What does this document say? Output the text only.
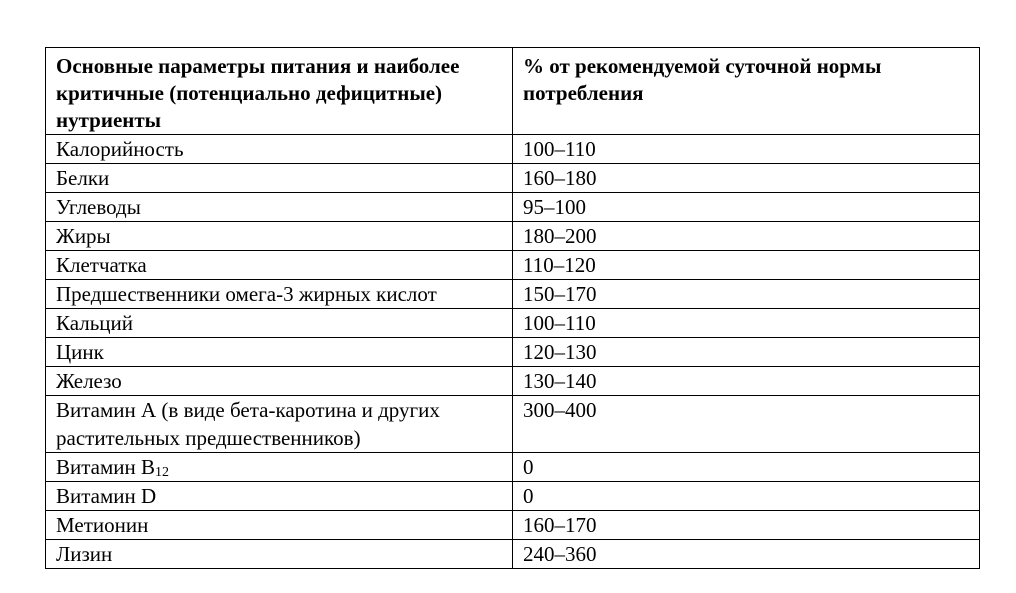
Основные параметры питания и наиболее критичные (потенциально дефицитные) нутриенты	% от рекомендуемой суточной нормы потребления
Калорийность	100–110
Белки	160–180
Углеводы	95–100
Жиры	180–200
Клетчатка	110–120
Предшественники омега-3 жирных кислот	150–170
Кальций	100–110
Цинк	120–130
Железо	130–140
Витамин А (в виде бета-каротина и других растительных предшественников)	300–400
Витамин $В_{12}$	0
Витамин D	0
Метионин	160–170
Лизин	240–360
